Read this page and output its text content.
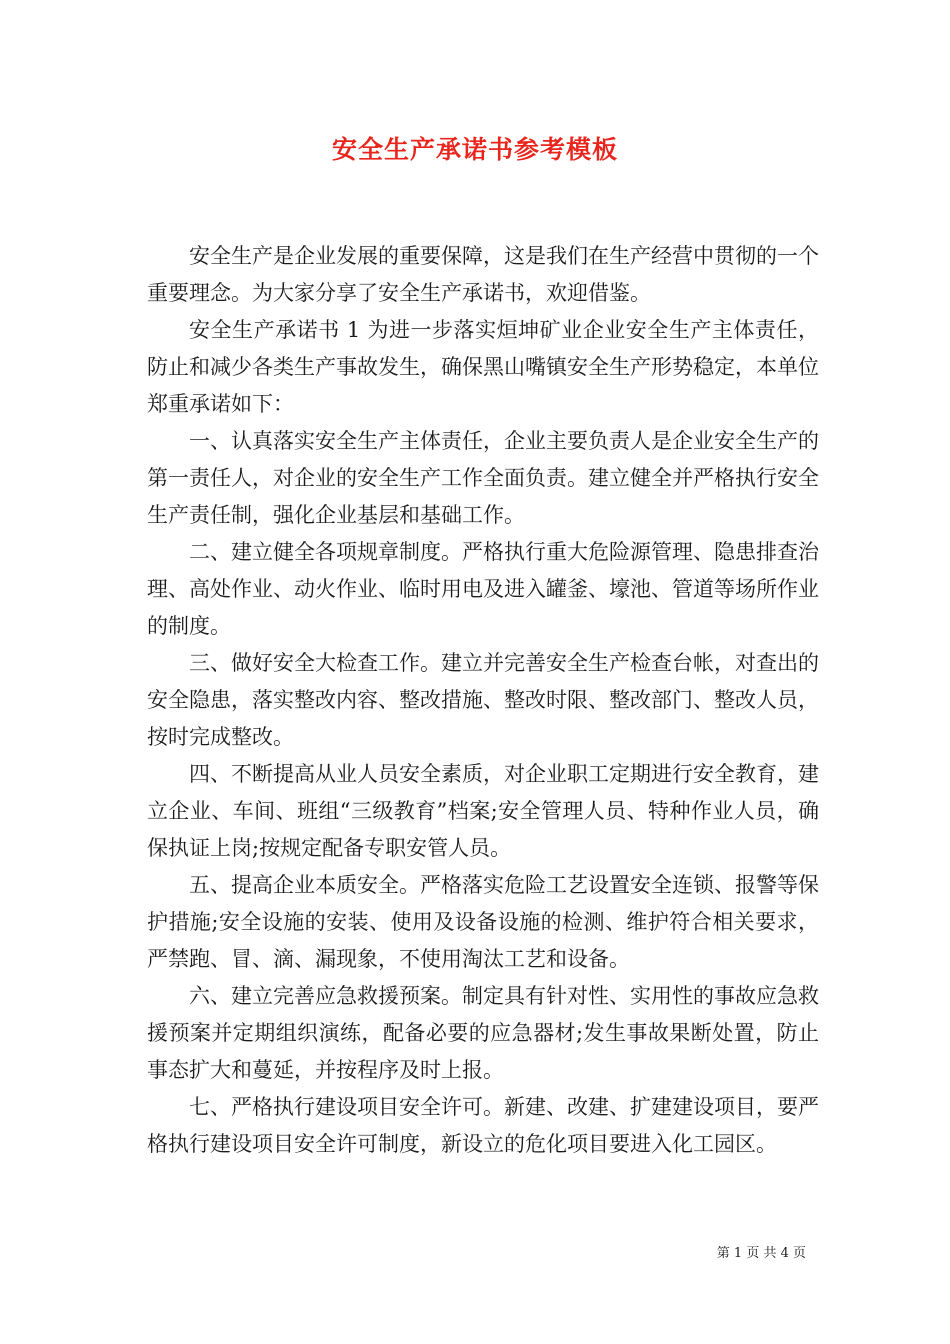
安全生产承诺书参考模板

安全生产是企业发展的重要保障，这是我们在生产经营中贯彻的一个重要理念。为大家分享了安全生产承诺书，欢迎借鉴。

安全生产承诺书 1 为进一步落实烜坤矿业企业安全生产主体责任，防止和减少各类生产事故发生，确保黑山嘴镇安全生产形势稳定，本单位郑重承诺如下：

一、认真落实安全生产主体责任，企业主要负责人是企业安全生产的第一责任人，对企业的安全生产工作全面负责。建立健全并严格执行安全生产责任制，强化企业基层和基础工作。

二、建立健全各项规章制度。严格执行重大危险源管理、隐患排查治理、高处作业、动火作业、临时用电及进入罐釜、壕池、管道等场所作业的制度。

三、做好安全大检查工作。建立并完善安全生产检查台帐，对查出的安全隐患，落实整改内容、整改措施、整改时限、整改部门、整改人员，按时完成整改。

四、不断提高从业人员安全素质，对企业职工定期进行安全教育，建立企业、车间、班组“三级教育”档案;安全管理人员、特种作业人员，确保执证上岗;按规定配备专职安管人员。

五、提高企业本质安全。严格落实危险工艺设置安全连锁、报警等保护措施;安全设施的安装、使用及设备设施的检测、维护符合相关要求，严禁跑、冒、滴、漏现象，不使用淘汰工艺和设备。

六、建立完善应急救援预案。制定具有针对性、实用性的事故应急救援预案并定期组织演练，配备必要的应急器材;发生事故果断处置，防止事态扩大和蔓延，并按程序及时上报。

七、严格执行建设项目安全许可。新建、改建、扩建建设项目，要严格执行建设项目安全许可制度，新设立的危化项目要进入化工园区。

第 1 页 共 4 页
